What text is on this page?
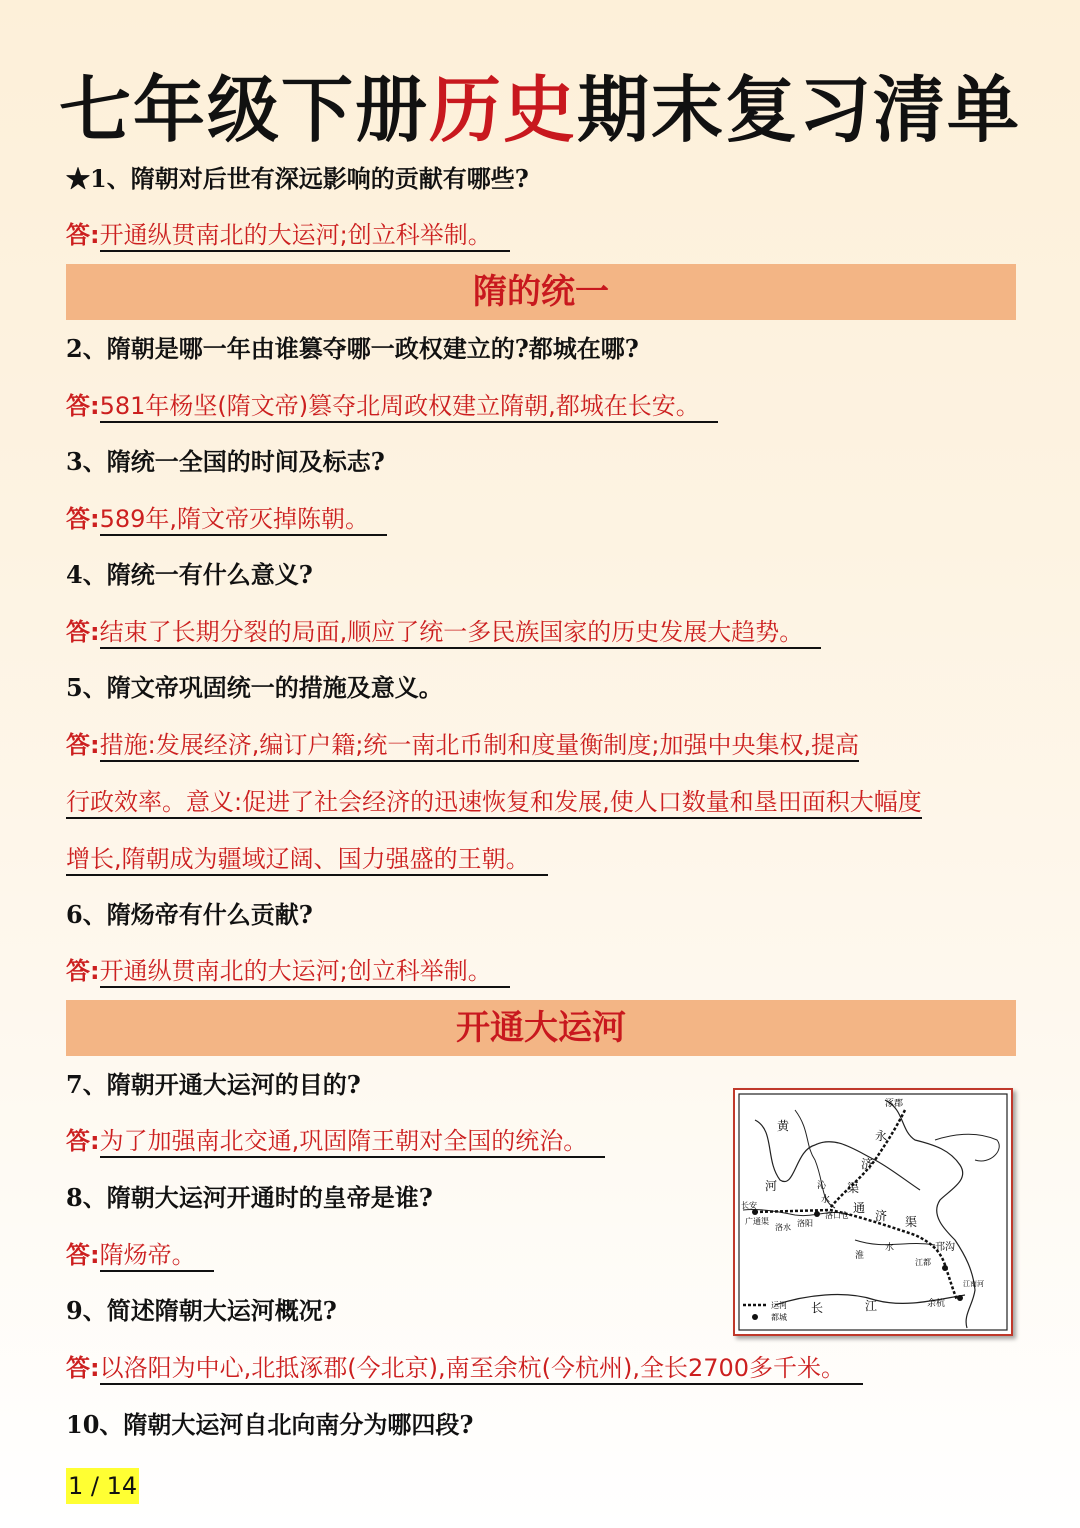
七年级下册历史期末复习清单
★1、隋朝对后世有深远影响的贡献有哪些?
答:开通纵贯南北的大运河;创立科举制。
隋的统一
2、隋朝是哪一年由谁篡夺哪一政权建立的?都城在哪?
答:581年杨坚(隋文帝)篡夺北周政权建立隋朝,都城在长安。
3、隋统一全国的时间及标志?
答:589年,隋文帝灭掉陈朝。
4、隋统一有什么意义?
答:结束了长期分裂的局面,顺应了统一多民族国家的历史发展大趋势。
5、隋文帝巩固统一的措施及意义。
答:措施:发展经济,编订户籍;统一南北币制和度量衡制度;加强中央集权,提高
行政效率。意义:促进了社会经济的迅速恢复和发展,使人口数量和垦田面积大幅度
增长,隋朝成为疆域辽阔、国力强盛的王朝。
6、隋炀帝有什么贡献?
答:开通纵贯南北的大运河;创立科举制。
开通大运河
7、隋朝开通大运河的目的?
答:为了加强南北交通,巩固隋王朝对全国的统治。
8、隋朝大运河开通时的皇帝是谁?
答:隋炀帝。
9、简述隋朝大运河概况?
答:以洛阳为中心,北抵涿郡(今北京),南至余杭(今杭州),全长2700多千米。
10、隋朝大运河自北向南分为哪四段?
涿郡
黄
河
永
济
沁
水
渠
长安
广通渠	洛阳
洛口仓
洛水
通
济 渠
淮
水
江都
邗沟
江南河
余杭
长	江
运河
都城
1 / 14
